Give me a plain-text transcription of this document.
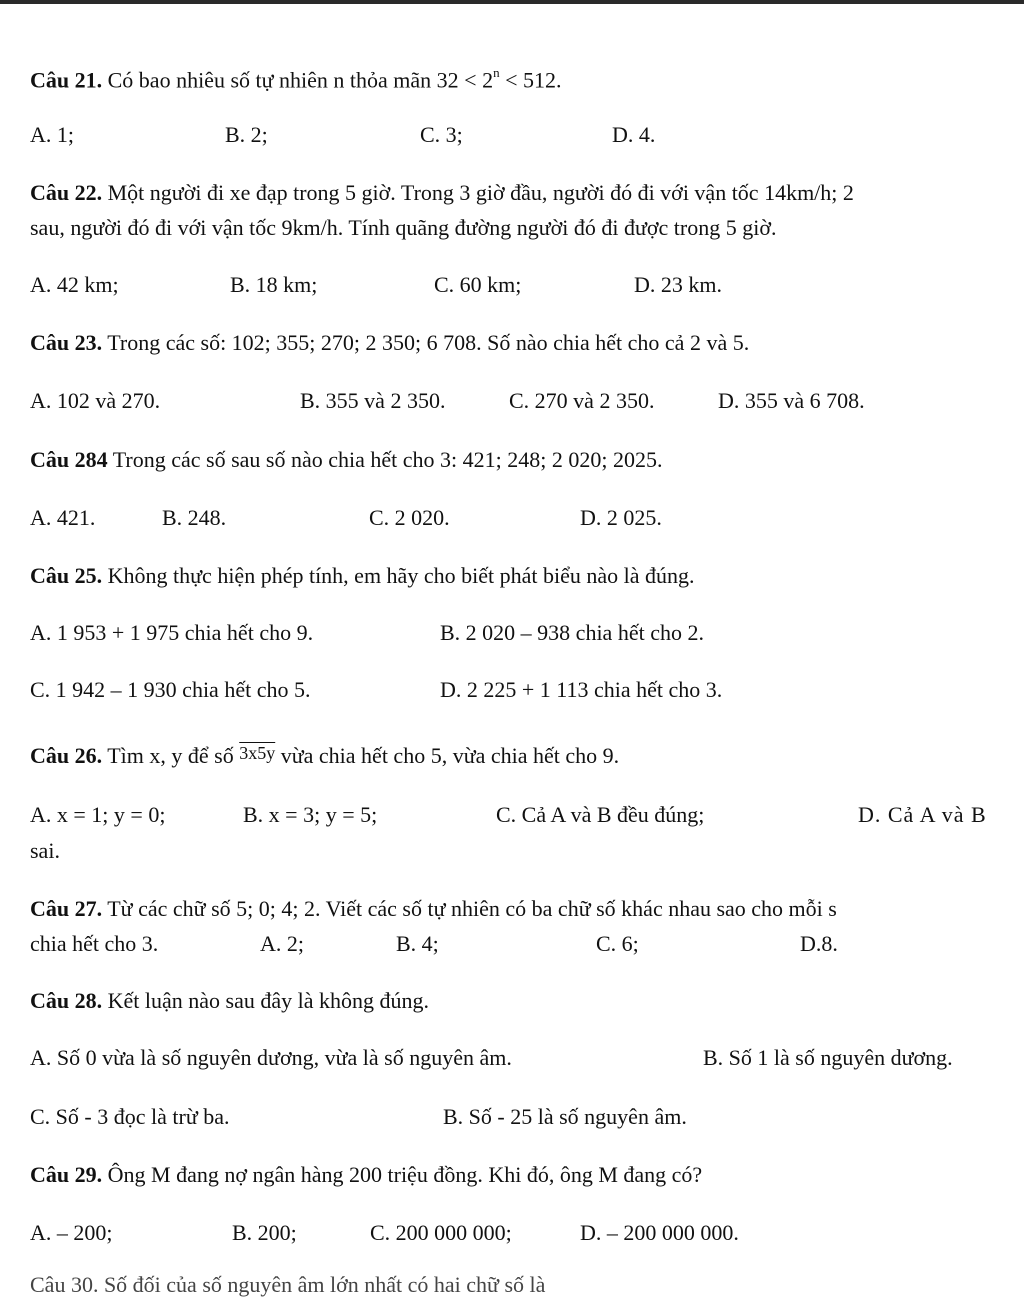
Câu 21. Có bao nhiêu số tự nhiên n thỏa mãn $32 < 2^n < 512$.
A. 1;	B. 2;	C. 3;	D. 4.
Câu 22. Một người đi xe đạp trong 5 giờ. Trong 3 giờ đầu, người đó đi với vận tốc 14km/h; 2
sau, người đó đi với vận tốc 9km/h. Tính quãng đường người đó đi được trong 5 giờ.
A. 42 km;	B. 18 km;	C. 60 km;	D. 23 km.
Câu 23. Trong các số: 102; 355; 270; 2 350; 6 708. Số nào chia hết cho cả 2 và 5.
A. 102 và 270.	B. 355 và 2 350.	C. 270 và 2 350.	D. 355 và 6 708.
Câu 284 Trong các số sau số nào chia hết cho 3: 421; 248; 2 020; 2025.
A. 421.	B. 248.	C. 2 020.	D. 2 025.
Câu 25. Không thực hiện phép tính, em hãy cho biết phát biểu nào là đúng.
A. 1 953 + 1 975 chia hết cho 9.	B. 2 020 – 938 chia hết cho 2.
C. 1 942 – 1 930 chia hết cho 5.	D. 2 225 + 1 113 chia hết cho 3.
Câu 26. Tìm x, y để số 3x5y vừa chia hết cho 5, vừa chia hết cho 9.
A. x = 1; y = 0;	B. x = 3; y = 5;	C. Cả A và B đều đúng;	D. Cả A và B
sai.
Câu 27. Từ các chữ số 5; 0; 4; 2. Viết các số tự nhiên có ba chữ số khác nhau sao cho mỗi s
chia hết cho 3.	A. 2;	B. 4;	C. 6;	D.8.
Câu 28. Kết luận nào sau đây là không đúng.
A. Số 0 vừa là số nguyên dương, vừa là số nguyên âm.	B. Số 1 là số nguyên dương.
C. Số - 3 đọc là trừ ba.	B. Số - 25 là số nguyên âm.
Câu 29. Ông M đang nợ ngân hàng 200 triệu đồng. Khi đó, ông M đang có?
A. – 200;	B. 200;	C. 200 000 000;	D. – 200 000 000.
Câu 30. Số đối của số nguyên âm lớn nhất có hai chữ số là
